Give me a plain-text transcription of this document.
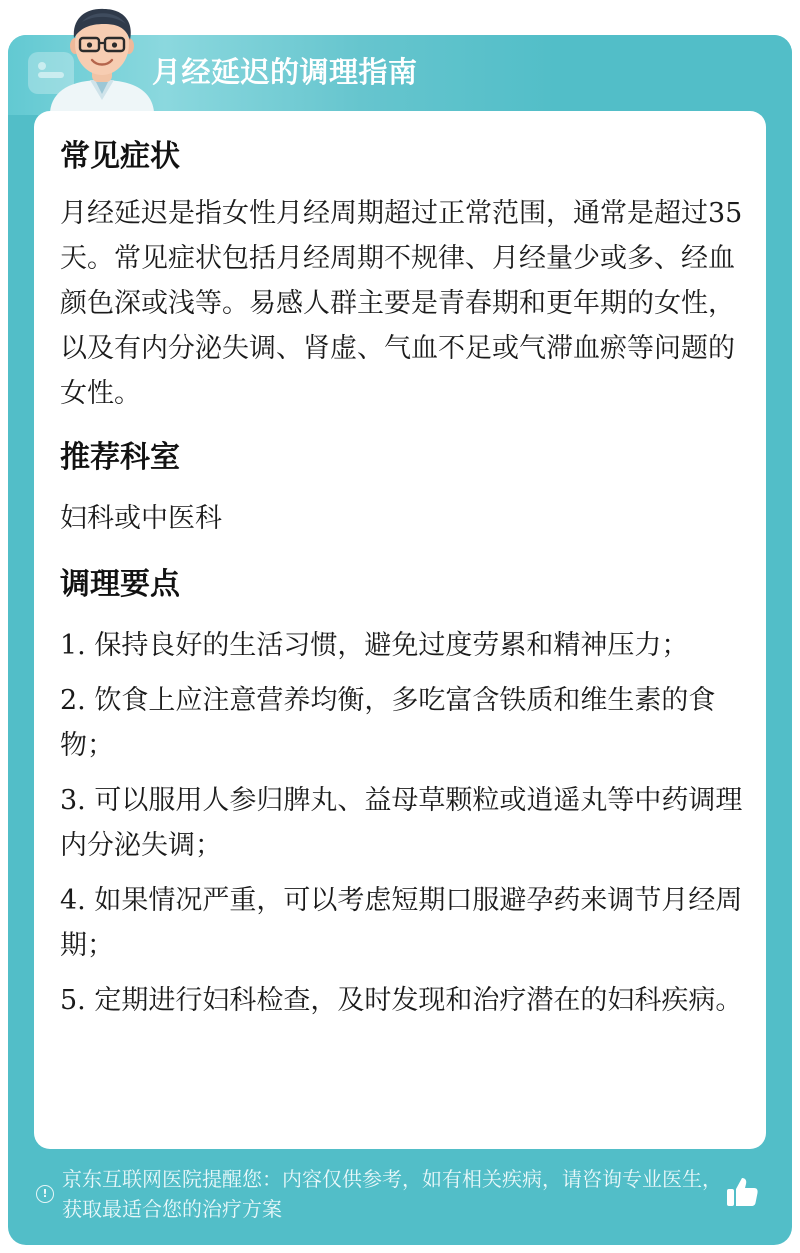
月经延迟的调理指南
常见症状

月经延迟是指女性月经周期超过正常范围，通常是超过35天。常见症状包括月经周期不规律、月经量少或多、经血颜色深或浅等。易感人群主要是青春期和更年期的女性，以及有内分泌失调、肾虚、气血不足或气滞血瘀等问题的女性。

推荐科室

妇科或中医科

调理要点

1. 保持良好的生活习惯，避免过度劳累和精神压力；

2. 饮食上应注意营养均衡，多吃富含铁质和维生素的食物；

3. 可以服用人参归脾丸、益母草颗粒或逍遥丸等中药调理内分泌失调；

4. 如果情况严重，可以考虑短期口服避孕药来调节月经周期；

5. 定期进行妇科检查，及时发现和治疗潜在的妇科疾病。

!
京东互联网医院提醒您：内容仅供参考，如有相关疾病，请咨询专业医生，获取最适合您的治疗方案
